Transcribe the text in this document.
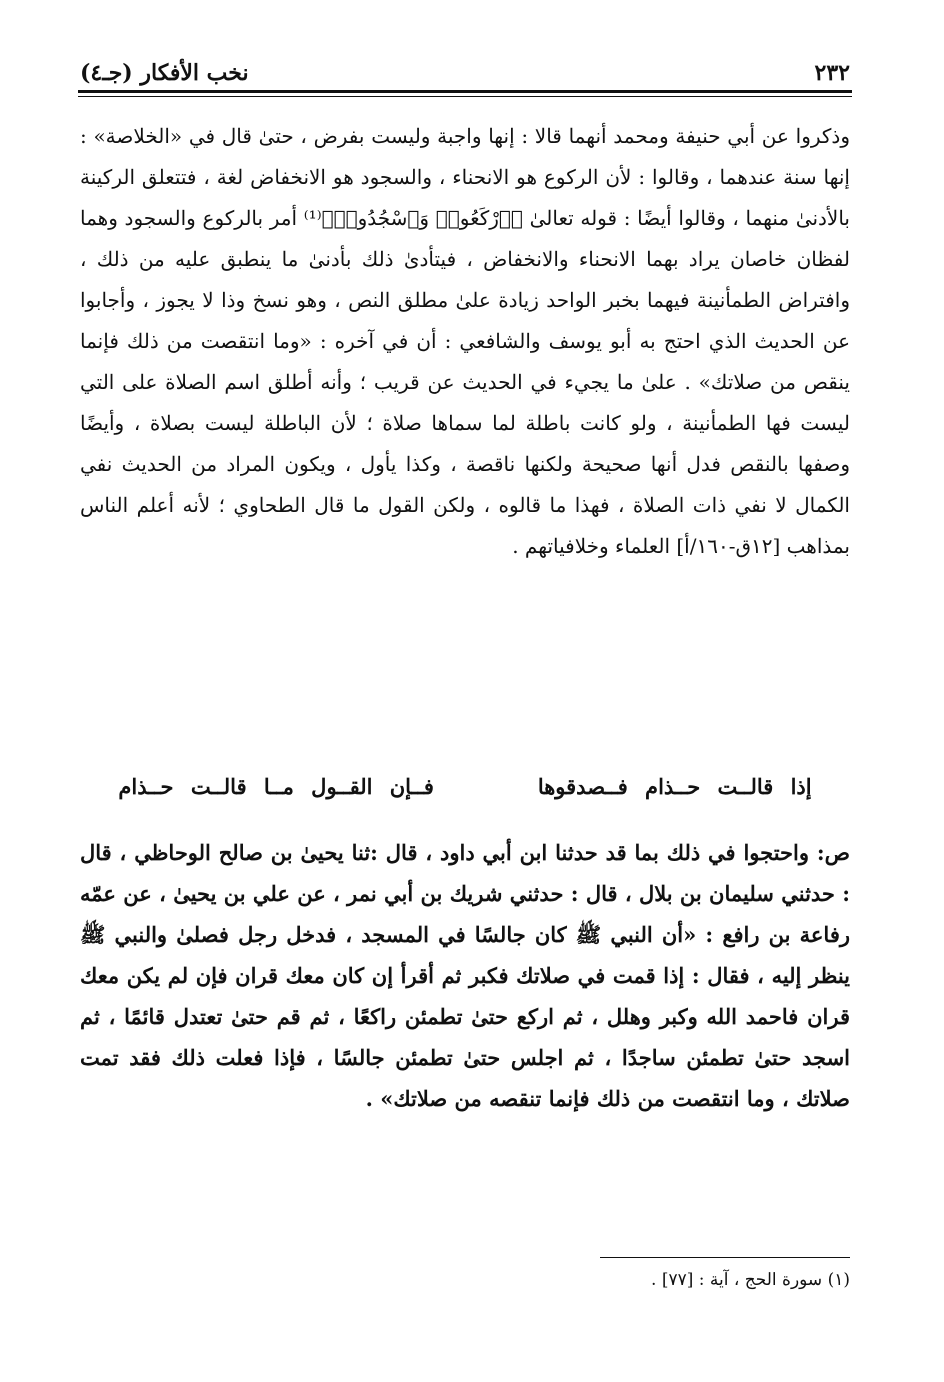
نخب الأفكار (جـ٤)	٢٣٢
وذكروا عن أبي حنيفة ومحمد أنهما قالا : إنها واجبة وليست بفرض ، حتىٰ قال في «الخلاصة» : إنها سنة عندهما ، وقالوا : لأن الركوع هو الانحناء ، والسجود هو الانخفاض لغة ، فتتعلق الركينة بالأدنىٰ منهما ، وقالوا أيضًا : قوله تعالىٰ ﴿ٱرْكَعُوا۟ وَٱسْجُدُوا۟﴾⁽¹⁾ أمر بالركوع والسجود وهما لفظان خاصان يراد بهما الانحناء والانخفاض ، فيتأدىٰ ذلك بأدنىٰ ما ينطبق عليه من ذلك ، وافتراض الطمأنينة فيهما بخبر الواحد زيادة علىٰ مطلق النص ، وهو نسخ وذا لا يجوز ، وأجابوا عن الحديث الذي احتج به أبو يوسف والشافعي : أن في آخره : «وما انتقصت من ذلك فإنما ينقص من صلاتك» . علىٰ ما يجيء في الحديث عن قريب ؛ وأنه أطلق اسم الصلاة على التي ليست فها الطمأنينة ، ولو كانت باطلة لما سماها صلاة ؛ لأن الباطلة ليست بصلاة ، وأيضًا وصفها بالنقص فدل أنها صحيحة ولكنها ناقصة ، وكذا يأول ، ويكون المراد من الحديث نفي الكمال لا نفي ذات الصلاة ، فهذا ما قالوه ، ولكن القول ما قال الطحاوي ؛ لأنه أعلم الناس بمذاهب [١٢ق-١٦٠/أ] العلماء وخلافياتهم .
إذا قالــت حــذام فــصدقوها      فــإن القــول مــا قالــت حــذام
ص: واحتجوا في ذلك بما قد حدثنا ابن أبي داود ، قال :ثنا يحيىٰ بن صالح الوحاظي ، قال : حدثني سليمان بن بلال ، قال : حدثني شريك بن أبي نمر ، عن علي بن يحيىٰ ، عن عمّه رفاعة بن رافع : «أن النبي ﷺ كان جالسًا في المسجد ، فدخل رجل فصلىٰ والنبي ﷺ ينظر إليه ، فقال : إذا قمت في صلاتك فكبر ثم أقرأ إن كان معك قران فإن لم يكن معك قران فاحمد الله وكبر وهلل ، ثم اركع حتىٰ تطمئن راكعًا ، ثم قم حتىٰ تعتدل قائمًا ، ثم اسجد حتىٰ تطمئن ساجدًا ، ثم اجلس حتىٰ تطمئن جالسًا ، فإذا فعلت ذلك فقد تمت صلاتك ، وما انتقصت من ذلك فإنما تنقصه من صلاتك» .
(١) سورة الحج ، آية : [٧٧] .
